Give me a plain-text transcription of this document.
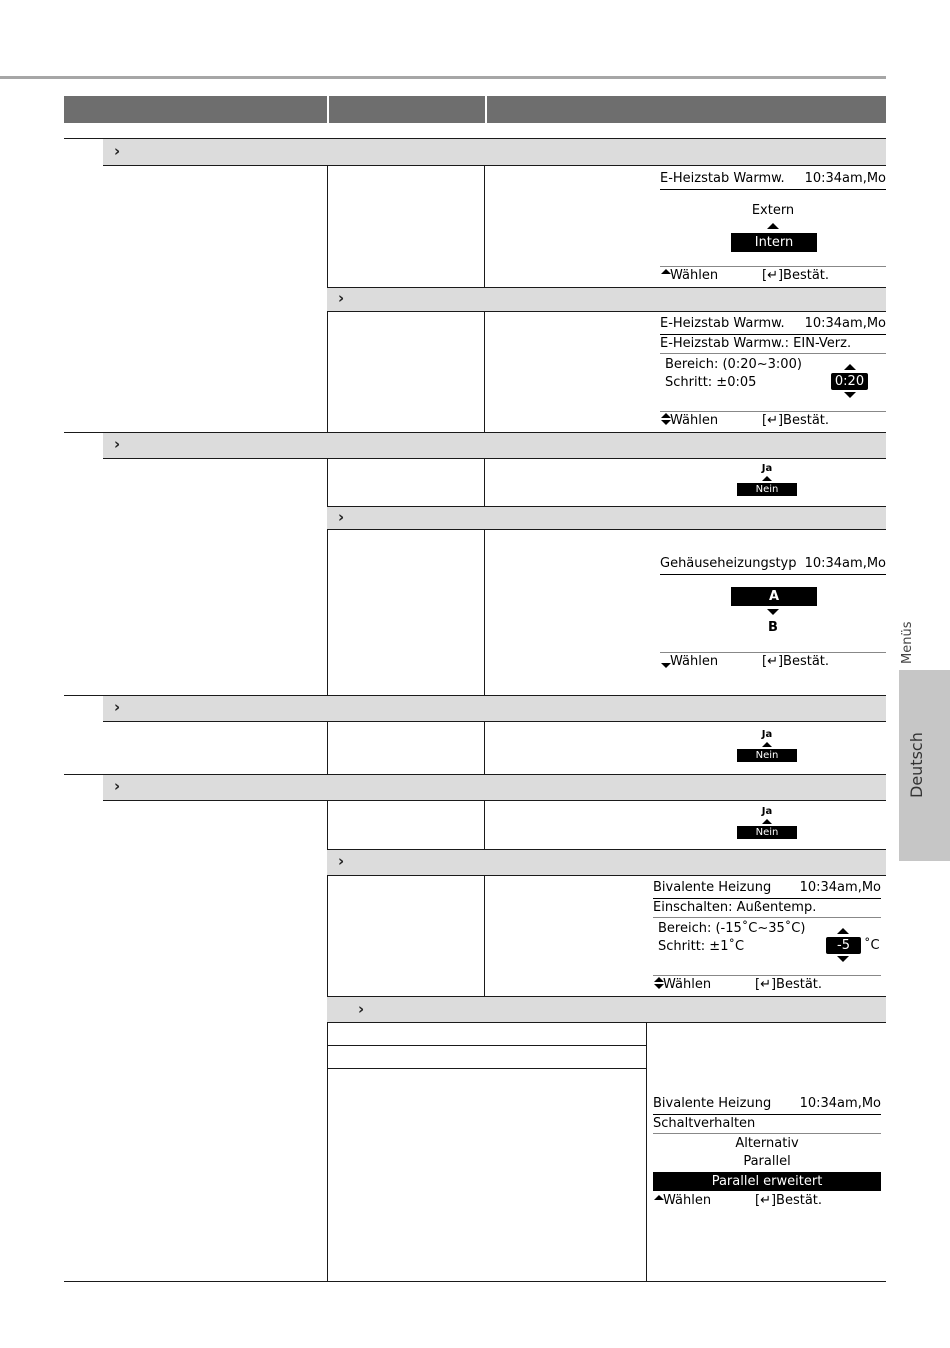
›
›
E-Heizstab Warmw. 10:34am,Mo
Extern
Intern
Wählen	[↵]Bestät.
E-Heizstab Warmw. 10:34am,Mo
E-Heizstab Warmw.: EIN-Verz.
Bereich: (0:20~3:00)
Schritt: ±0:05	0:20
Wählen	[↵]Bestät.
›
Ja
Nein
›
Gehäuseheizungstyp 10:34am,Mo
A
B
Wählen	[↵]Bestät.
›
Ja
Nein
›
Ja
Nein
›
Bivalente Heizung 10:34am,Mo
Einschalten: Außentemp.
Bereich: (-15˚C~35˚C)
Schritt: ±1˚C	-5	˚C
Wählen	[↵]Bestät.
›
Bivalente Heizung 10:34am,Mo
Schaltverhalten
Alternativ
Parallel
Parallel erweitert
Wählen	[↵]Bestät.
Menüs
Deutsch
